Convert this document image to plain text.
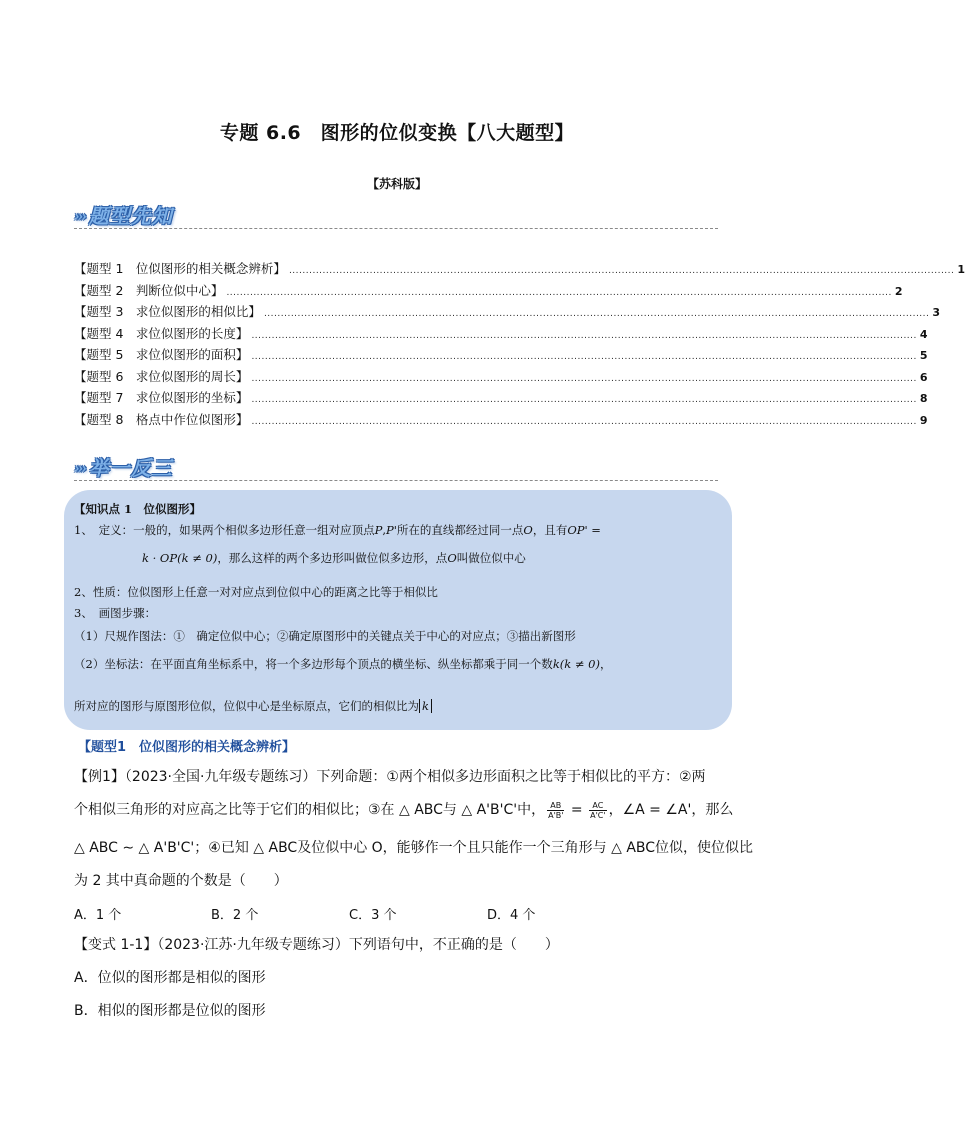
专题 6.6　图形的位似变换【八大题型】
【苏科版】
››› 题型先知
【题型 1　位似图形的相关概念辨析】 ...................................................................................................................................................................................................... 1
【题型 2　判断位似中心】 ...................................................................................................................................................................................................... 2
【题型 3　求位似图形的相似比】 ...................................................................................................................................................................................................... 3
【题型 4　求位似图形的长度】 ...................................................................................................................................................................................................... 4
【题型 5　求位似图形的面积】 ...................................................................................................................................................................................................... 5
【题型 6　求位似图形的周长】 ...................................................................................................................................................................................................... 6
【题型 7　求位似图形的坐标】 ...................................................................................................................................................................................................... 8
【题型 8　格点中作位似图形】 ...................................................................................................................................................................................................... 9
››› 举一反三
【知识点 1　位似图形】
1、　定义：一般的，如果两个相似多边形任意一组对应顶点P,P'所在的直线都经过同一点O，且有OP' =
k · OP(k ≠ 0)，那么这样的两个多边形叫做位似多边形，点O叫做位似中心
2、性质：位似图形上任意一对对应点到位似中心的距离之比等于相似比
3、　画图步骤：
（1）尺规作图法：①　确定位似中心；②确定原图形中的关键点关于中心的对应点；③描出新图形
（2）坐标法：在平面直角坐标系中，将一个多边形每个顶点的横坐标、纵坐标都乘于同一个数k(k ≠ 0)，
所对应的图形与原图形位似，位似中心是坐标原点，它们的相似比为 k
【题型1　位似图形的相关概念辨析】
【例1】（2023·全国·九年级专题练习）下列命题：①两个相似多边形面积之比等于相似比的平方：②两
个相似三角形的对应高之比等于它们的相似比；③在 △ ABC与 △ A'B'C'中， $\frac{AB}{A'B'} = \frac{AC}{A'C'}$ ，∠A = ∠A'，那么
△ ABC ∼ △ A'B'C'；④已知 △ ABC及位似中心 O，能够作一个且只能作一个三角形与 △ ABC位似，使位似比
为 2 其中真命题的个数是（　　）
A．1 个	B．2 个	C．3 个	D．4 个
【变式 1-1】（2023·江苏·九年级专题练习）下列语句中，不正确的是（　　）
A．位似的图形都是相似的图形
B．相似的图形都是位似的图形
